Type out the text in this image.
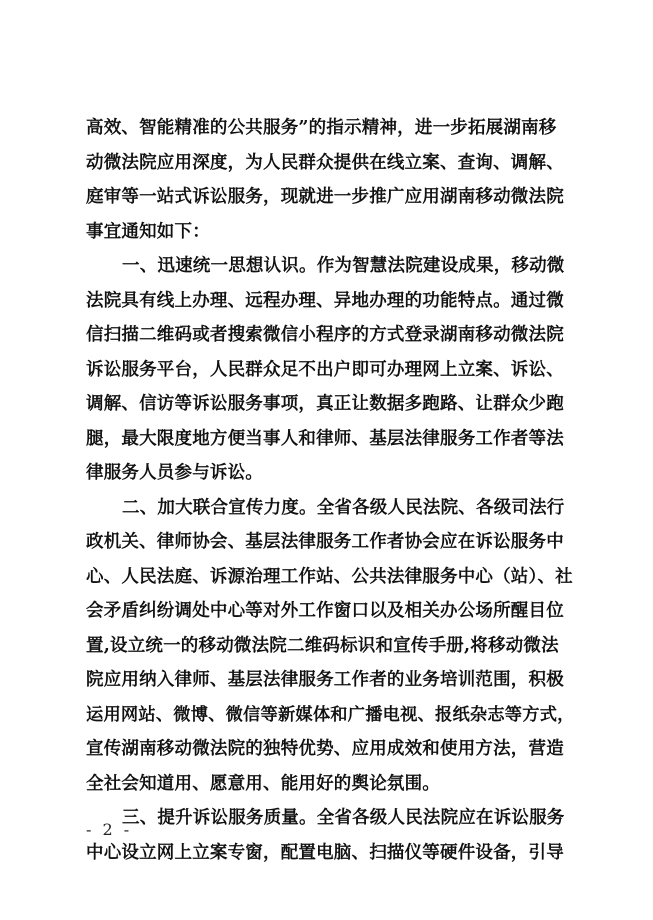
高效、智能精准的公共服务”的指示精神，进一步拓展湖南移
动微法院应用深度，为人民群众提供在线立案、查询、调解、
庭审等一站式诉讼服务，现就进一步推广应用湖南移动微法院
事宜通知如下：
一、迅速统一思想认识。作为智慧法院建设成果，移动微
法院具有线上办理、远程办理、异地办理的功能特点。通过微
信扫描二维码或者搜索微信小程序的方式登录湖南移动微法院
诉讼服务平台，人民群众足不出户即可办理网上立案、诉讼、
调解、信访等诉讼服务事项，真正让数据多跑路、让群众少跑
腿，最大限度地方便当事人和律师、基层法律服务工作者等法
律服务人员参与诉讼。
二、加大联合宣传力度。全省各级人民法院、各级司法行
政机关、律师协会、基层法律服务工作者协会应在诉讼服务中
心、人民法庭、诉源治理工作站、公共法律服务中心（站）、社
会矛盾纠纷调处中心等对外工作窗口以及相关办公场所醒目位
置,设立统一的移动微法院二维码标识和宣传手册,将移动微法
院应用纳入律师、基层法律服务工作者的业务培训范围，积极
运用网站、微博、微信等新媒体和广播电视、报纸杂志等方式，
宣传湖南移动微法院的独特优势、应用成效和使用方法，营造
全社会知道用、愿意用、能用好的舆论氛围。
三、提升诉讼服务质量。全省各级人民法院应在诉讼服务
中心设立网上立案专窗，配置电脑、扫描仪等硬件设备，引导
- 2 -
